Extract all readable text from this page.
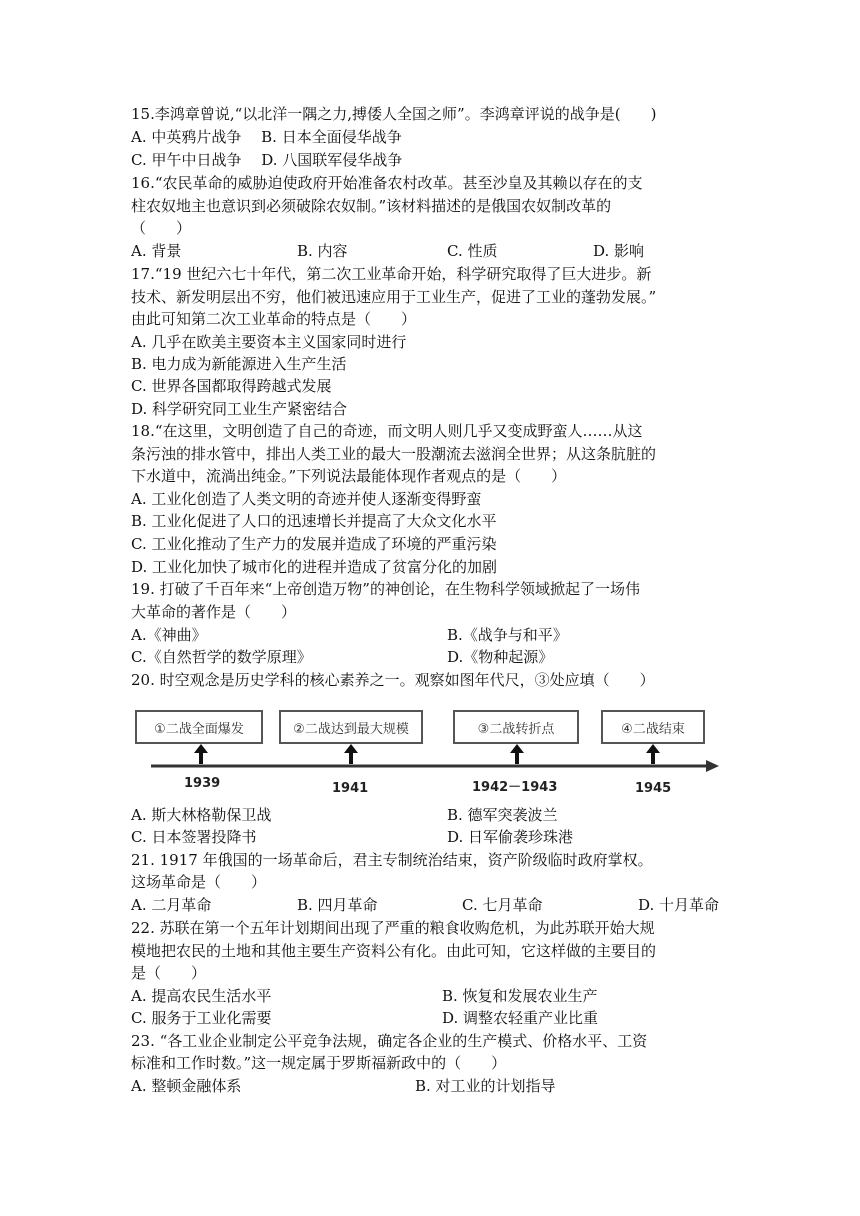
15.李鸿章曾说,“以北洋一隅之力,搏倭人全国之师”。李鸿章评说的战争是(　　)
A. 中英鸦片战争　 B. 日本全面侵华战争
C. 甲午中日战争　 D. 八国联军侵华战争
16.“农民革命的威胁迫使政府开始准备农村改革。甚至沙皇及其赖以存在的支
柱农奴地主也意识到必须破除农奴制。”该材料描述的是俄国农奴制改革的
（　　）
A. 背景	B. 内容	C. 性质	D. 影响
17.“19 世纪六七十年代，第二次工业革命开始，科学研究取得了巨大进步。新
技术、新发明层出不穷，他们被迅速应用于工业生产，促进了工业的蓬勃发展。”
由此可知第二次工业革命的特点是（　　）
A. 几乎在欧美主要资本主义国家同时进行
B. 电力成为新能源进入生产生活
C. 世界各国都取得跨越式发展
D. 科学研究同工业生产紧密结合
18.“在这里，文明创造了自己的奇迹，而文明人则几乎又变成野蛮人……从这
条污浊的排水管中，排出人类工业的最大一股潮流去滋润全世界；从这条肮脏的
下水道中，流淌出纯金。”下列说法最能体现作者观点的是（　　）
A. 工业化创造了人类文明的奇迹并使人逐渐变得野蛮
B. 工业化促进了人口的迅速增长并提高了大众文化水平
C. 工业化推动了生产力的发展并造成了环境的严重污染
D. 工业化加快了城市化的进程并造成了贫富分化的加剧
19. 打破了千百年来“上帝创造万物”的神创论，在生物科学领域掀起了一场伟
大革命的著作是（　　）
A.《神曲》	B.《战争与和平》
C.《自然哲学的数学原理》	D.《物种起源》
20. 时空观念是历史学科的核心素养之一。观察如图年代尺，③处应填（　　）
①二战全面爆发	②二战达到最大规模	③二战转折点	④二战结束
1939	1941	1942－1943	1945
A. 斯大林格勒保卫战	B. 德军突袭波兰
C. 日本签署投降书	D. 日军偷袭珍珠港
21. 1917 年俄国的一场革命后，君主专制统治结束，资产阶级临时政府掌权。
这场革命是（　　）
A. 二月革命	B. 四月革命	C. 七月革命	D. 十月革命
22. 苏联在第一个五年计划期间出现了严重的粮食收购危机，为此苏联开始大规
模地把农民的土地和其他主要生产资料公有化。由此可知，它这样做的主要目的
是（　　）
A. 提高农民生活水平	B. 恢复和发展农业生产
C. 服务于工业化需要	D. 调整农轻重产业比重
23. “各工业企业制定公平竞争法规，确定各企业的生产模式、价格水平、工资
标准和工作时数。”这一规定属于罗斯福新政中的（　　）
A. 整顿金融体系	B. 对工业的计划指导
